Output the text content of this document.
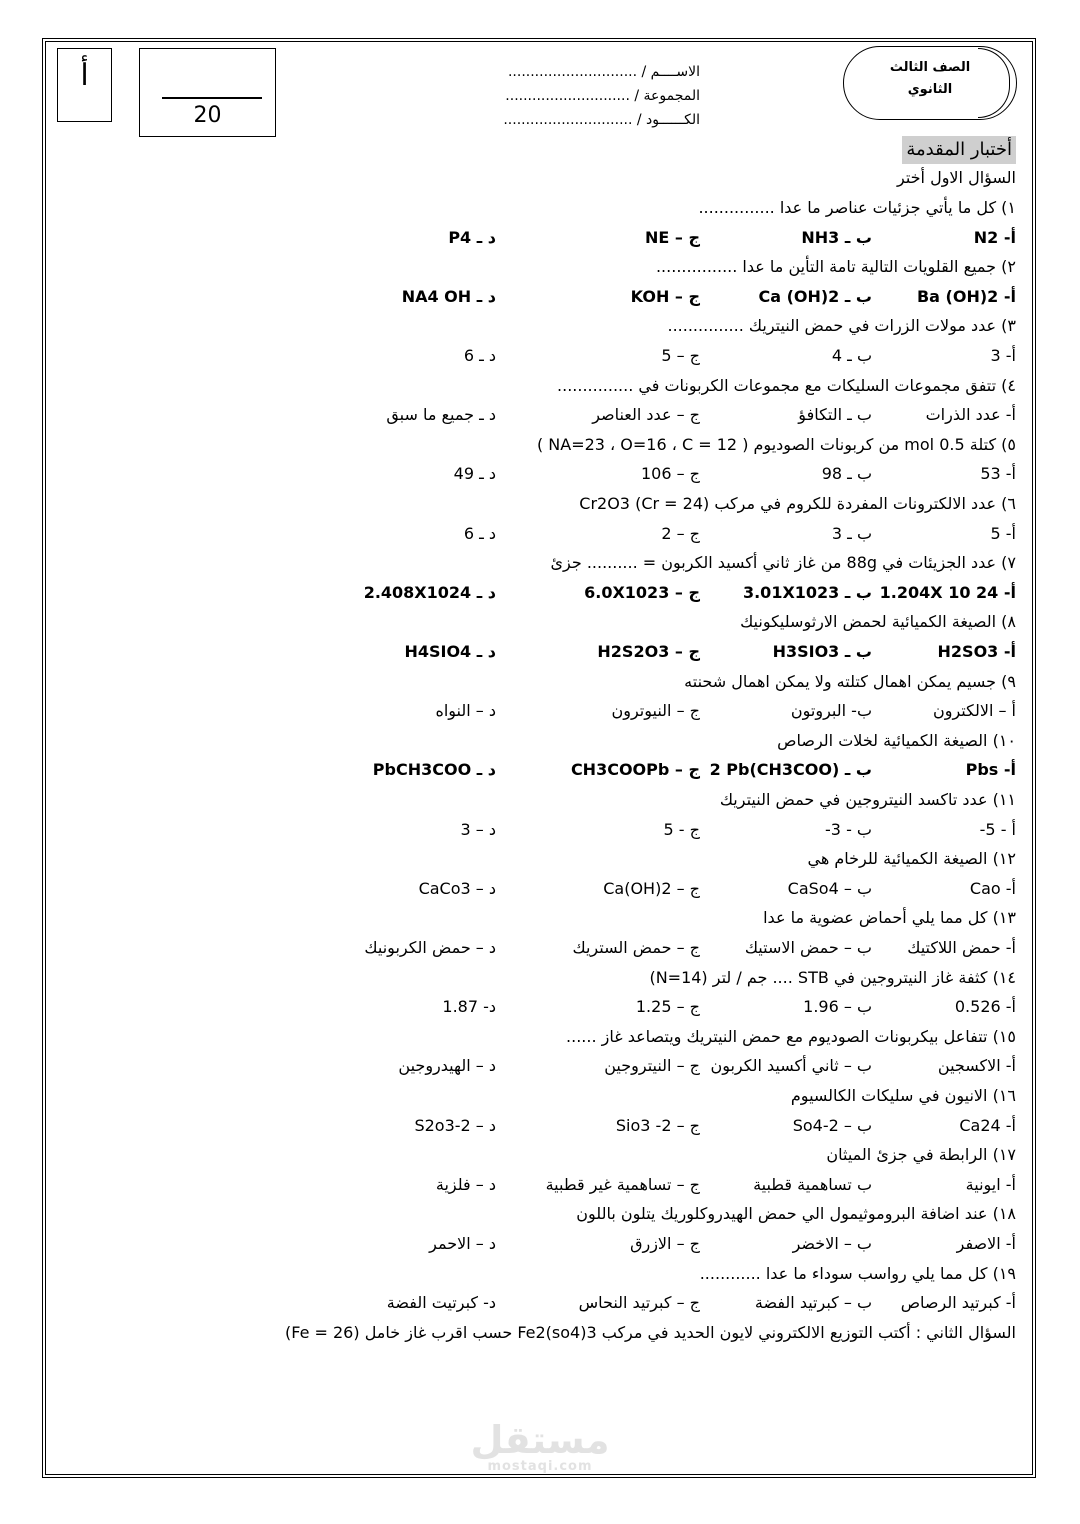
أ
20
الاســــم / .............................
المجموعة / ............................
الكــــــود / .............................
الصف الثالث
الثانوي
أختبار المقدمة
السؤال الاول أختر
١) كل ما يأتي جزئيات عناصر ما عدا ...............
أ- N2
ب ـ NH3
ج – NE
د ـ P4
٢) جميع القلويات التالية تامة التأين ما عدا ................
أ- Ba (OH)2
ب ـ Ca (OH)2
ج – KOH
د ـ NA4 OH
٣) عدد مولات الزرات في حمض النيتريك ...............
أ- 3
ب ـ 4
ج – 5
د ـ 6
٤) تتفق مجموعات السليكات مع مجموعات الكربونات في ...............
أ- عدد الذرات
ب ـ التكافؤ
ج – عدد العناصر
د ـ جميع ما سبق
٥) كتلة 0.5 mol من كربونات الصوديوم ( NA=23 ، O=16 ، C = 12 )
أ- 53
ب ـ 98
ج – 106
د ـ 49
٦) عدد الالكترونات المفردة للكروم في مركب Cr2O3 (Cr = 24)
أ- 5
ب ـ 3
ج – 2
د ـ 6
٧) عدد الجزيئات في 88g من غاز ثاني أكسيد الكربون = .......... جزئ
أ- 1.204X 10 24
ب ـ 3.01X1023
ج – 6.0X1023
د ـ 2.408X1024
٨) الصيغة الكميائية لحمض الارثوسليكونيك
أ- H2SO3
ب ـ H3SIO3
ج – H2S2O3
د ـ H4SIO4
٩) جسيم يمكن اهمال كتلته ولا يمكن اهمال شحنته
أ – الالكترون
ب- البروتون
ج – النيوترون
د – النواه
١٠) الصيغة الكميائية لخلات الرصاص
أ- Pbs
ب ـ (CH3COO)2 Pb
ج – CH3COOPb
د ـ PbCH3COO
١١) عدد تاكسد النيتروجين في حمض النيتريك
أ - 5-
ب - 3-
ج - 5
د – 3
١٢) الصيغة الكميائية للرخام هي
أ- Cao
ب – CaSo4
ج – Ca(OH)2
د – CaCo3
١٣) كل مما يلي أحماض عضوية ما عدا
أ- حمض اللاكتيك
ب – حمض الاستيك
ج – حمض الستريك
د – حمض الكربونيك
١٤) كثفة غاز النيتروجين في STB .... جم / لتر (N=14)
أ- 0.526
ب – 1.96
ج – 1.25
د- 1.87
١٥) تتفاعل بيكربونات الصوديوم مع حمض النيتريك ويتصاعد غاز ......
أ- الاكسجين
ب – ثاني أكسيد الكربون
ج – النيتروجين
د – الهيدروجين
١٦) الانيون في سليكات الكالسيوم
أ- Ca24
ب – So4-2
ج – Sio3 -2
د – S2o3-2
١٧) الرابطة في جزئ الميثان
أ- ايونية
ب تساهمية قطبية
ج – تساهمية غير قطبية
د – فلزية
١٨) عند اضافة البروموثيمول الي حمض الهيدروكلوريك يتلون باللون
أ- الاصفر
ب – الاخضر
ج – الازرق
د – الاحمر
١٩) كل مما يلي رواسب سوداء ما عدا ............
أ- كبرتيد الرصاص
ب – كبرتيد الفضة
ج – كبرتيد النحاس
د- كبرتيت الفضة
السؤال الثاني : أكتب التوزيع الالكتروني لايون الحديد في مركب Fe2(so4)3 حسب اقرب غاز خامل (Fe = 26)
مستقل
mostaqi.com
